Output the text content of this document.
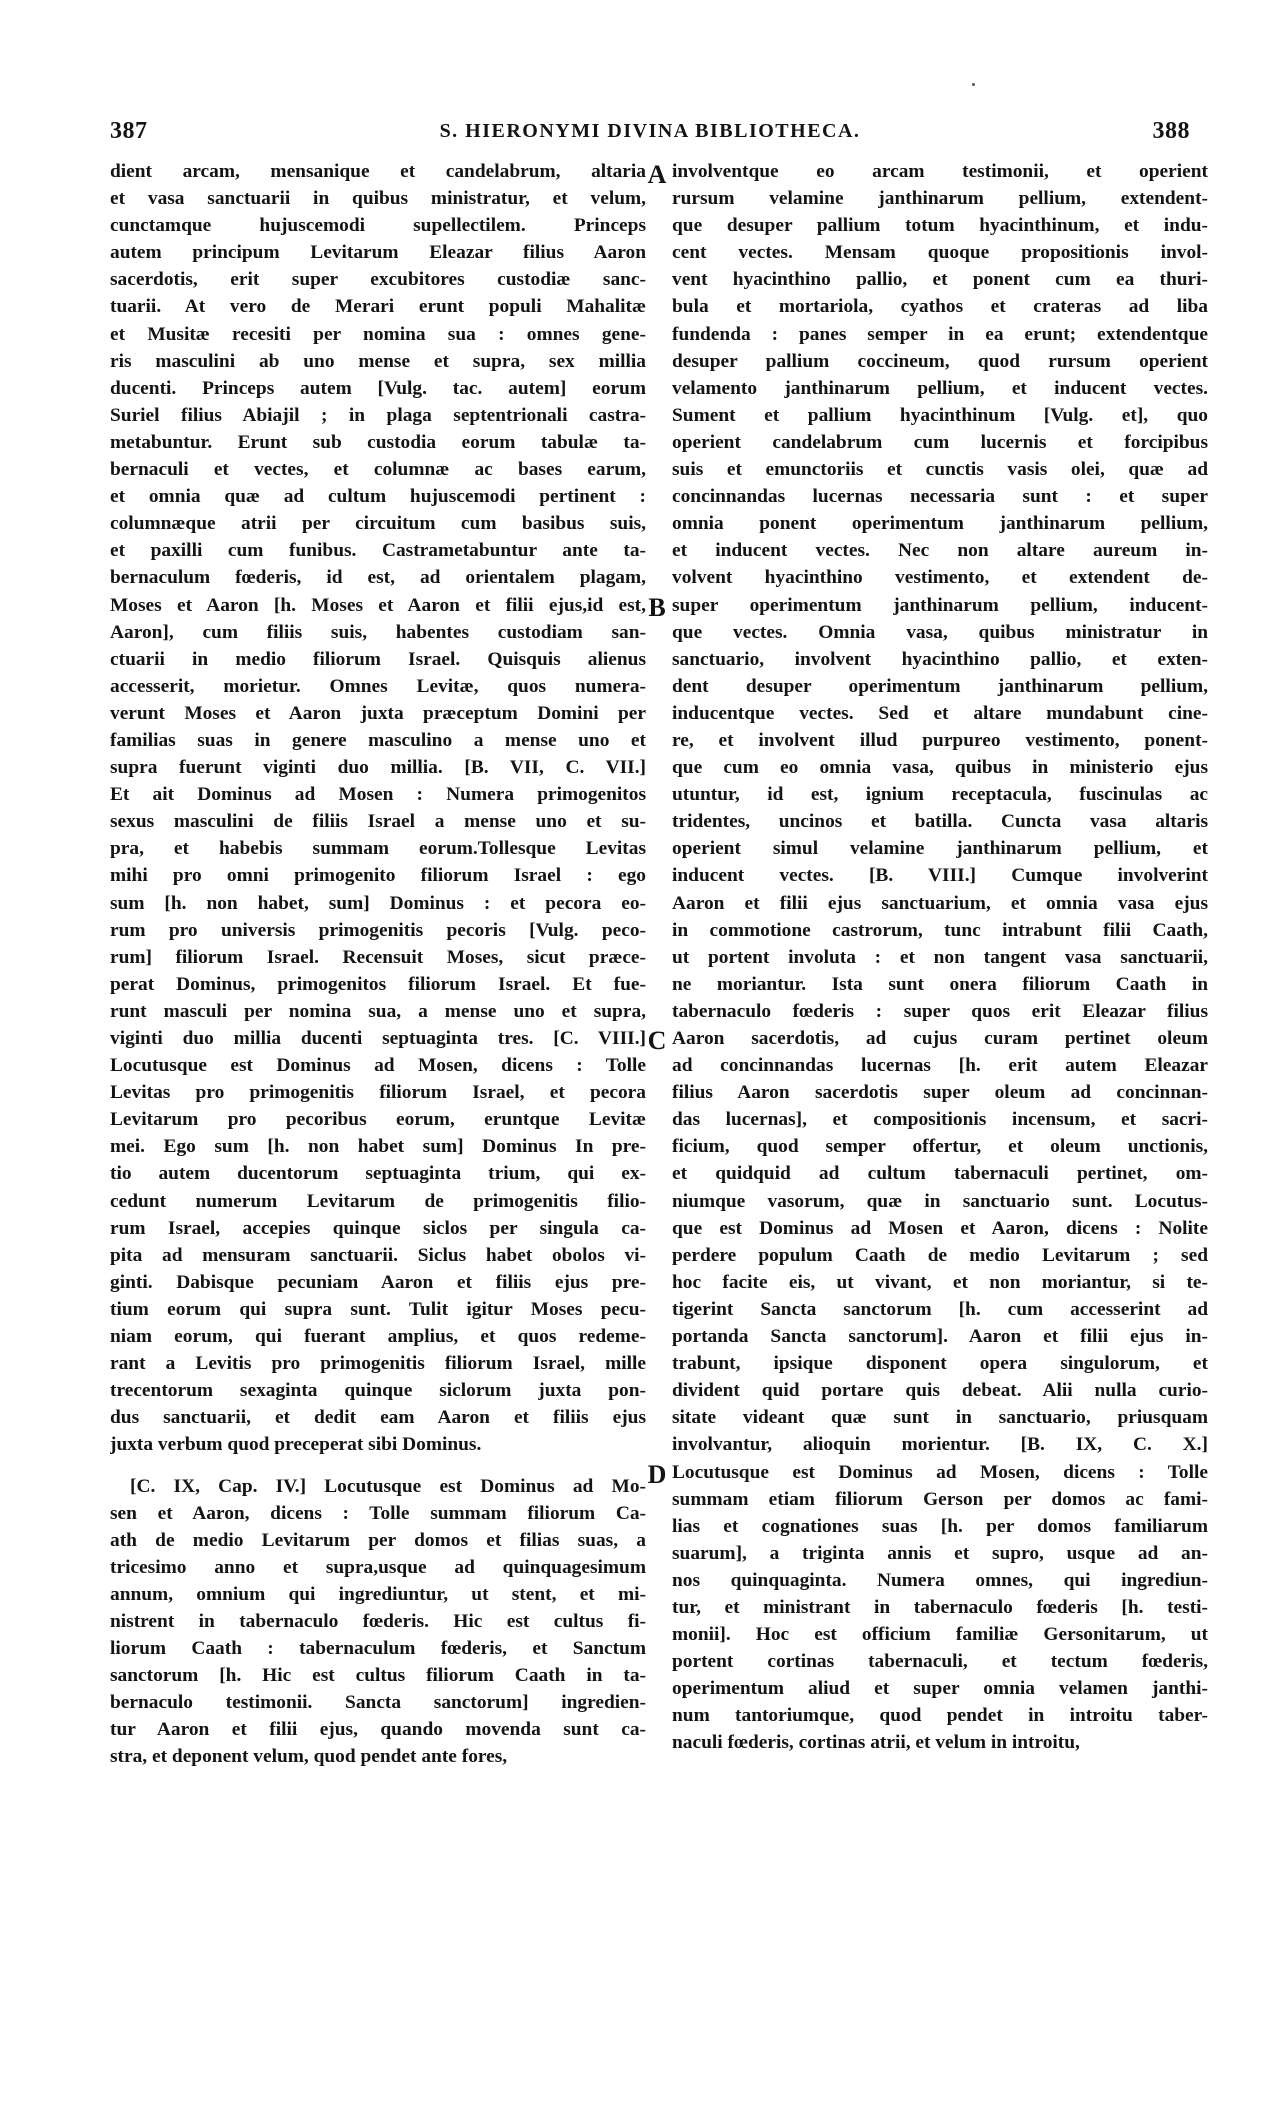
387	S. HIERONYMI DIVINA BIBLIOTHECA.	388
dient arcam, mensanique et candelabrum, altaria
et vasa sanctuarii in quibus ministratur, et velum,
cunctamque hujuscemodi supellectilem. Princeps
autem principum Levitarum Eleazar filius Aaron
sacerdotis, erit super excubitores custodiæ sanc-
tuarii. At vero de Merari erunt populi Mahalitæ
et Musitæ recesiti per nomina sua : omnes gene-
ris masculini ab uno mense et supra, sex millia
ducenti. Princeps autem [Vulg. tac. autem] eorum
Suriel filius Abiajil ; in plaga septentrionali castra-
metabuntur. Erunt sub custodia eorum tabulæ ta-
bernaculi et vectes, et columnæ ac bases earum,
et omnia quæ ad cultum hujuscemodi pertinent :
columnæque atrii per circuitum cum basibus suis,
et paxilli cum funibus. Castrametabuntur ante ta-
bernaculum fœderis, id est, ad orientalem plagam,
Moses et Aaron [h. Moses et Aaron et filii ejus,id est,
Aaron], cum filiis suis, habentes custodiam san-
ctuarii in medio filiorum Israel. Quisquis alienus
accesserit, morietur. Omnes Levitæ, quos numera-
verunt Moses et Aaron juxta præceptum Domini per
familias suas in genere masculino a mense uno et
supra fuerunt viginti duo millia. [B. VII, C. VII.]
Et ait Dominus ad Mosen : Numera primogenitos
sexus masculini de filiis Israel a mense uno et su-
pra, et habebis summam eorum.Tollesque Levitas
mihi pro omni primogenito filiorum Israel : ego
sum [h. non habet, sum] Dominus : et pecora eo-
rum pro universis primogenitis pecoris [Vulg. peco-
rum] filiorum Israel. Recensuit Moses, sicut præce-
perat Dominus, primogenitos filiorum Israel. Et fue-
runt masculi per nomina sua, a mense uno et supra,
viginti duo millia ducenti septuaginta tres. [C. VIII.]
Locutusque est Dominus ad Mosen, dicens : Tolle
Levitas pro primogenitis filiorum Israel, et pecora
Levitarum pro pecoribus eorum, eruntque Levitæ
mei. Ego sum [h. non habet sum] Dominus In pre-
tio autem ducentorum septuaginta trium, qui ex-
cedunt numerum Levitarum de primogenitis filio-
rum Israel, accepies quinque siclos per singula ca-
pita ad mensuram sanctuarii. Siclus habet obolos vi-
ginti. Dabisque pecuniam Aaron et filiis ejus pre-
tium eorum qui supra sunt. Tulit igitur Moses pecu-
niam eorum, qui fuerant amplius, et quos redeme-
rant a Levitis pro primogenitis filiorum Israel, mille
trecentorum sexaginta quinque siclorum juxta pon-
dus sanctuarii, et dedit eam Aaron et filiis ejus
juxta verbum quod preceperat sibi Dominus.
[C. IX, Cap. IV.] Locutusque est Dominus ad Mo-
sen et Aaron, dicens : Tolle summam filiorum Ca-
ath de medio Levitarum per domos et filias suas, a
tricesimo anno et supra,usque ad quinquagesimum
annum, omnium qui ingrediuntur, ut stent, et mi-
nistrent in tabernaculo fœderis. Hic est cultus fi-
liorum Caath : tabernaculum fœderis, et Sanctum
sanctorum [h. Hic est cultus filiorum Caath in ta-
bernaculo testimonii. Sancta sanctorum] ingredien-
tur Aaron et filii ejus, quando movenda sunt ca-
stra, et deponent velum, quod pendet ante fores,
involventque eo arcam testimonii, et operient
rursum velamine janthinarum pellium, extendent-
que desuper pallium totum hyacinthinum, et indu-
cent vectes. Mensam quoque propositionis invol-
vent hyacinthino pallio, et ponent cum ea thuri-
bula et mortariola, cyathos et crateras ad liba
fundenda : panes semper in ea erunt; extendentque
desuper pallium coccineum, quod rursum operient
velamento janthinarum pellium, et inducent vectes.
Sument et pallium hyacinthinum [Vulg. et], quo
operient candelabrum cum lucernis et forcipibus
suis et emunctoriis et cunctis vasis olei, quæ ad
concinnandas lucernas necessaria sunt : et super
omnia ponent operimentum janthinarum pellium,
et inducent vectes. Nec non altare aureum in-
volvent hyacinthino vestimento, et extendent de-
super operimentum janthinarum pellium, inducent-
que vectes. Omnia vasa, quibus ministratur in
sanctuario, involvent hyacinthino pallio, et exten-
dent desuper operimentum janthinarum pellium,
inducentque vectes. Sed et altare mundabunt cine-
re, et involvent illud purpureo vestimento, ponent-
que cum eo omnia vasa, quibus in ministerio ejus
utuntur, id est, ignium receptacula, fuscinulas ac
tridentes, uncinos et batilla. Cuncta vasa altaris
operient simul velamine janthinarum pellium, et
inducent vectes. [B. VIII.] Cumque involverint
Aaron et filii ejus sanctuarium, et omnia vasa ejus
in commotione castrorum, tunc intrabunt filii Caath,
ut portent involuta : et non tangent vasa sanctuarii,
ne moriantur. Ista sunt onera filiorum Caath in
tabernaculo fœderis : super quos erit Eleazar filius
Aaron sacerdotis, ad cujus curam pertinet oleum
ad concinnandas lucernas [h. erit autem Eleazar
filius Aaron sacerdotis super oleum ad concinnan-
das lucernas], et compositionis incensum, et sacri-
ficium, quod semper offertur, et oleum unctionis,
et quidquid ad cultum tabernaculi pertinet, om-
niumque vasorum, quæ in sanctuario sunt. Locutus-
que est Dominus ad Mosen et Aaron, dicens : Nolite
perdere populum Caath de medio Levitarum ; sed
hoc facite eis, ut vivant, et non moriantur, si te-
tigerint Sancta sanctorum [h. cum accesserint ad
portanda Sancta sanctorum]. Aaron et filii ejus in-
trabunt, ipsique disponent opera singulorum, et
divident quid portare quis debeat. Alii nulla curio-
sitate videant quæ sunt in sanctuario, priusquam
involvantur, alioquin morientur. [B. IX, C. X.]
Locutusque est Dominus ad Mosen, dicens : Tolle
summam etiam filiorum Gerson per domos ac fami-
lias et cognationes suas [h. per domos familiarum
suarum], a triginta annis et supro, usque ad an-
nos quinquaginta. Numera omnes, qui ingrediun-
tur, et ministrant in tabernaculo fœderis [h. testi-
monii]. Hoc est officium familiæ Gersonitarum, ut
portent cortinas tabernaculi, et tectum fœderis,
operimentum aliud et super omnia velamen janthi-
num tantoriumque, quod pendet in introitu taber-
naculi fœderis, cortinas atrii, et velum in introitu,
A
B
C
D
